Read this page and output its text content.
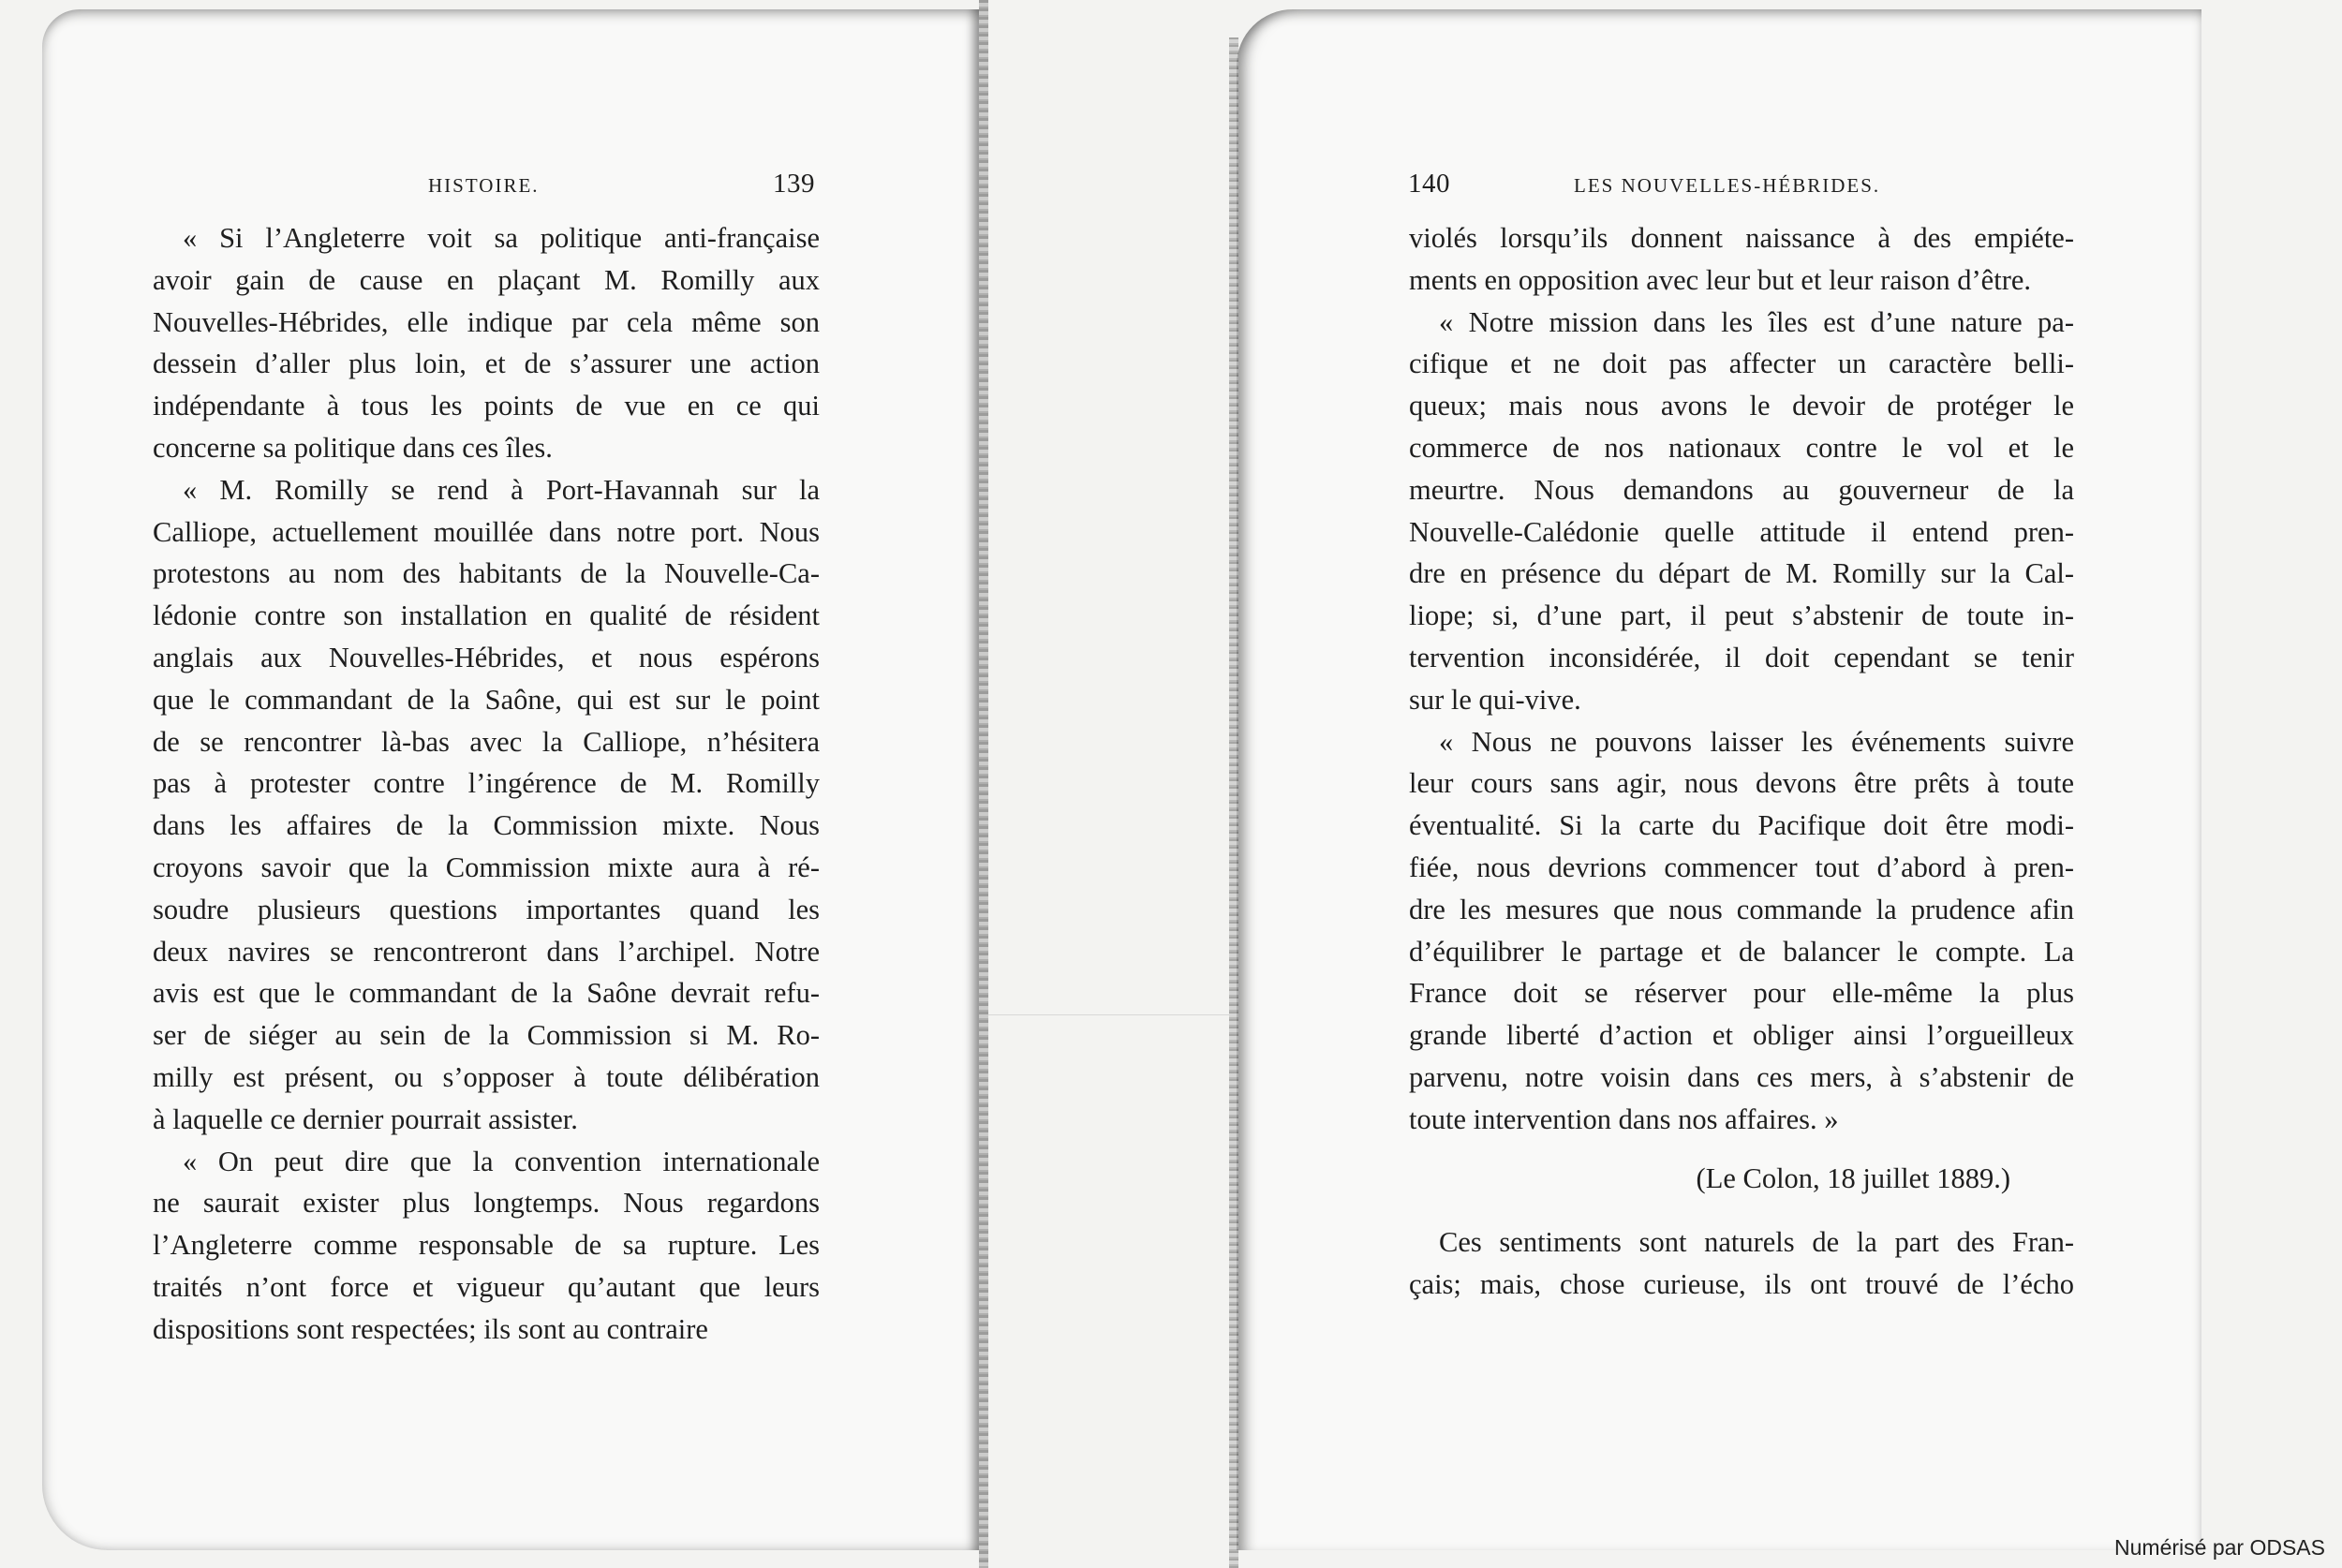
HISTOIRE.	139
« Si l’Angleterre voit sa politique anti-française
avoir gain de cause en plaçant M. Romilly aux
Nouvelles-Hébrides, elle indique par cela même son
dessein d’aller plus loin, et de s’assurer une action
indépendante à tous les points de vue en ce qui
concerne sa politique dans ces îles.
« M. Romilly se rend à Port-Havannah sur la
Calliope, actuellement mouillée dans notre port. Nous
protestons au nom des habitants de la Nouvelle-Ca-
lédonie contre son installation en qualité de résident
anglais aux Nouvelles-Hébrides, et nous espérons
que le commandant de la Saône, qui est sur le point
de se rencontrer là-bas avec la Calliope, n’hésitera
pas à protester contre l’ingérence de M. Romilly
dans les affaires de la Commission mixte. Nous
croyons savoir que la Commission mixte aura à ré-
soudre plusieurs questions importantes quand les
deux navires se rencontreront dans l’archipel. Notre
avis est que le commandant de la Saône devrait refu-
ser de siéger au sein de la Commission si M. Ro-
milly est présent, ou s’opposer à toute délibération
à laquelle ce dernier pourrait assister.
« On peut dire que la convention internationale
ne saurait exister plus longtemps. Nous regardons
l’Angleterre comme responsable de sa rupture. Les
traités n’ont force et vigueur qu’autant que leurs
dispositions sont respectées; ils sont au contraire
140	LES NOUVELLES-HÉBRIDES.
violés lorsqu’ils donnent naissance à des empiéte-
ments en opposition avec leur but et leur raison d’être.
« Notre mission dans les îles est d’une nature pa-
cifique et ne doit pas affecter un caractère belli-
queux; mais nous avons le devoir de protéger le
commerce de nos nationaux contre le vol et le
meurtre. Nous demandons au gouverneur de la
Nouvelle-Calédonie quelle attitude il entend pren-
dre en présence du départ de M. Romilly sur la Cal-
liope; si, d’une part, il peut s’abstenir de toute in-
tervention inconsidérée, il doit cependant se tenir
sur le qui-vive.
« Nous ne pouvons laisser les événements suivre
leur cours sans agir, nous devons être prêts à toute
éventualité. Si la carte du Pacifique doit être modi-
fiée, nous devrions commencer tout d’abord à pren-
dre les mesures que nous commande la prudence afin
d’équilibrer le partage et de balancer le compte. La
France doit se réserver pour elle-même la plus
grande liberté d’action et obliger ainsi l’orgueilleux
parvenu, notre voisin dans ces mers, à s’abstenir de
toute intervention dans nos affaires. »
(Le Colon, 18 juillet 1889.)
Ces sentiments sont naturels de la part des Fran-
çais; mais, chose curieuse, ils ont trouvé de l’écho
Numérisé par ODSAS
